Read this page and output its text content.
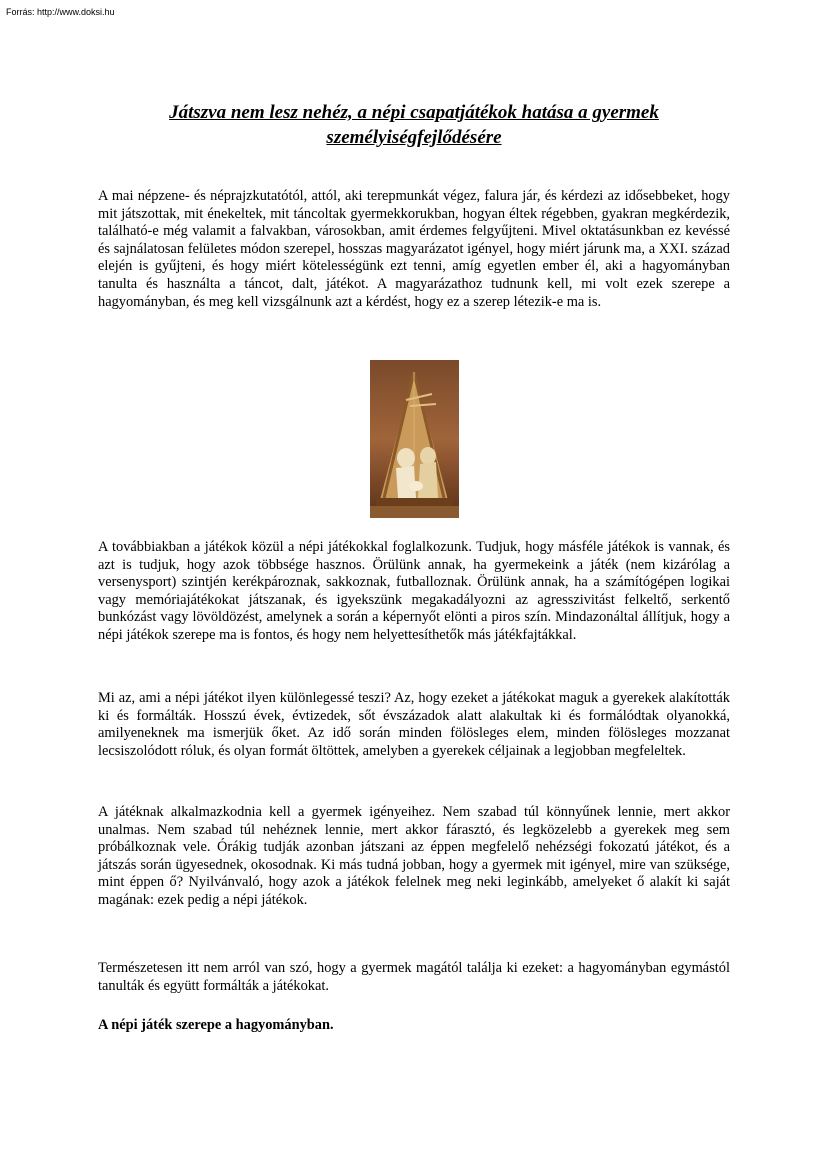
Forrás: http://www.doksi.hu
Játszva nem lesz nehéz, a népi csapatjátékok hatása a gyermek
személyiségfejlődésére

A mai népzene- és néprajzkutatótól, attól, aki terepmunkát végez, falura jár, és kérdezi az idősebbeket, hogy mit játszottak, mit énekeltek, mit táncoltak gyermekkorukban, hogyan éltek régebben, gyakran megkérdezik, található-e még valamit a falvakban, városokban, amit érdemes felgyűjteni. Mivel oktatásunkban ez kevéssé és sajnálatosan felületes módon szerepel, hosszas magyarázatot igényel, hogy miért járunk ma, a XXI. század elején is gyűjteni, és hogy miért kötelességünk ezt tenni, amíg egyetlen ember él, aki a hagyományban tanulta és használta a táncot, dalt, játékot. A magyarázathoz tudnunk kell, mi volt ezek szerepe a hagyományban, és meg kell vizsgálnunk azt a kérdést, hogy ez a szerep létezik-e ma is.

A továbbiakban a játékok közül a népi játékokkal foglalkozunk. Tudjuk, hogy másféle játékok is vannak, és azt is tudjuk, hogy azok többsége hasznos. Örülünk annak, ha gyermekeink a játék (nem kizárólag a versenysport) szintjén kerékpároznak, sakkoznak, futballoznak. Örülünk annak, ha a számítógépen logikai vagy memóriajátékokat játszanak, és igyekszünk megakadályozni az agresszivitást felkeltő, serkentő bunkózást vagy lövöldözést, amelynek a során a képernyőt elönti a piros szín. Mindazonáltal állítjuk, hogy a népi játékok szerepe ma is fontos, és hogy nem helyettesíthetők más játékfajtákkal.

Mi az, ami a népi játékot ilyen különlegessé teszi? Az, hogy ezeket a játékokat maguk a gyerekek alakították ki és formálták. Hosszú évek, évtizedek, sőt évszázadok alatt alakultak ki és formálódtak olyanokká, amilyeneknek ma ismerjük őket. Az idő során minden fölösleges elem, minden fölösleges mozzanat lecsiszolódott róluk, és olyan formát öltöttek, amelyben a gyerekek céljainak a legjobban megfeleltek.

A játéknak alkalmazkodnia kell a gyermek igényeihez. Nem szabad túl könnyűnek lennie, mert akkor unalmas. Nem szabad túl nehéznek lennie, mert akkor fárasztó, és legközelebb a gyerekek meg sem próbálkoznak vele. Órákig tudják azonban játszani az éppen megfelelő nehézségi fokozatú játékot, és a játszás során ügyesednek, okosodnak. Ki más tudná jobban, hogy a gyermek mit igényel, mire van szüksége, mint éppen ő? Nyilvánvaló, hogy azok a játékok felelnek meg neki leginkább, amelyeket ő alakít ki saját magának: ezek pedig a népi játékok.

Természetesen itt nem arról van szó, hogy a gyermek magától találja ki ezeket: a hagyományban egymástól tanulták és együtt formálták a játékokat.

A népi játék szerepe a hagyományban.
